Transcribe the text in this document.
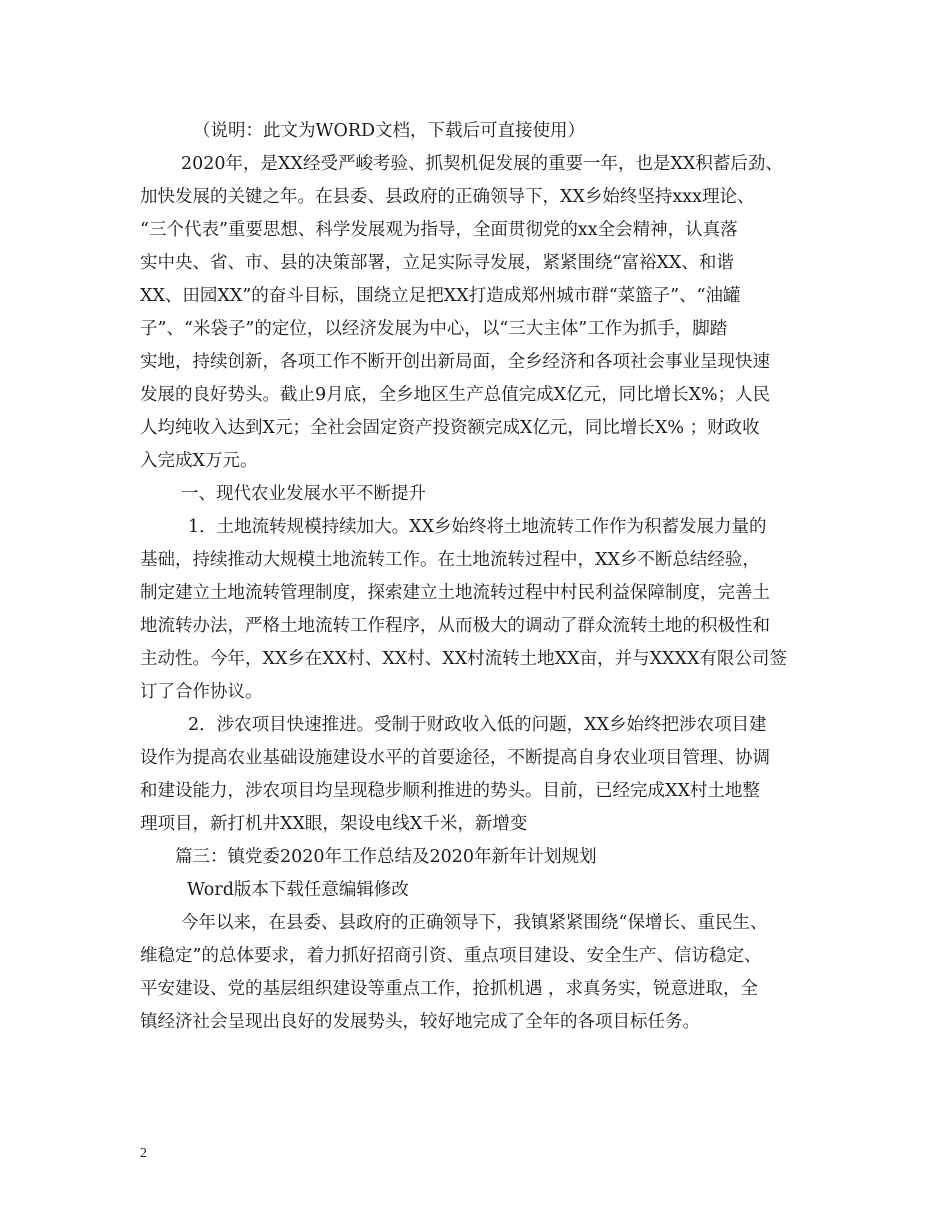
（说明：此文为WORD文档，下载后可直接使用）
2020年，是XX经受严峻考验、抓契机促发展的重要一年，也是XX积蓄后劲、
加快发展的关键之年。在县委、县政府的正确领导下，XX乡始终坚持xxx理论、
“三个代表”重要思想、科学发展观为指导，全面贯彻党的xx全会精神，认真落
实中央、省、市、县的决策部署，立足实际寻发展，紧紧围绕“富裕XX、和谐
XX、田园XX”的奋斗目标，围绕立足把XX打造成郑州城市群“菜篮子”、“油罐
子”、“米袋子”的定位，以经济发展为中心，以“三大主体”工作为抓手，脚踏
实地，持续创新，各项工作不断开创出新局面，全乡经济和各项社会事业呈现快速
发展的良好势头。截止9月底，全乡地区生产总值完成X亿元，同比增长X%；人民
人均纯收入达到X元；全社会固定资产投资额完成X亿元，同比增长X% ；财政收
入完成X万元。
一、现代农业发展水平不断提升
1．土地流转规模持续加大。XX乡始终将土地流转工作作为积蓄发展力量的
基础，持续推动大规模土地流转工作。在土地流转过程中，XX乡不断总结经验，
制定建立土地流转管理制度，探索建立土地流转过程中村民利益保障制度，完善土
地流转办法，严格土地流转工作程序，从而极大的调动了群众流转土地的积极性和
主动性。今年，XX乡在XX村、XX村、XX村流转土地XX亩，并与XXXX有限公司签
订了合作协议。
2．涉农项目快速推进。受制于财政收入低的问题，XX乡始终把涉农项目建
设作为提高农业基础设施建设水平的首要途径，不断提高自身农业项目管理、协调
和建设能力，涉农项目均呈现稳步顺利推进的势头。目前，已经完成XX村土地整
理项目，新打机井XX眼，架设电线X千米，新增变
篇三：镇党委2020年工作总结及2020年新年计划规划
Word版本下载任意编辑修改
今年以来，在县委、县政府的正确领导下，我镇紧紧围绕“保增长、重民生、
维稳定”的总体要求，着力抓好招商引资、重点项目建设、安全生产、信访稳定、
平安建设、党的基层组织建设等重点工作，抢抓机遇 ，求真务实，锐意进取，全
镇经济社会呈现出良好的发展势头，较好地完成了全年的各项目标任务。
2
